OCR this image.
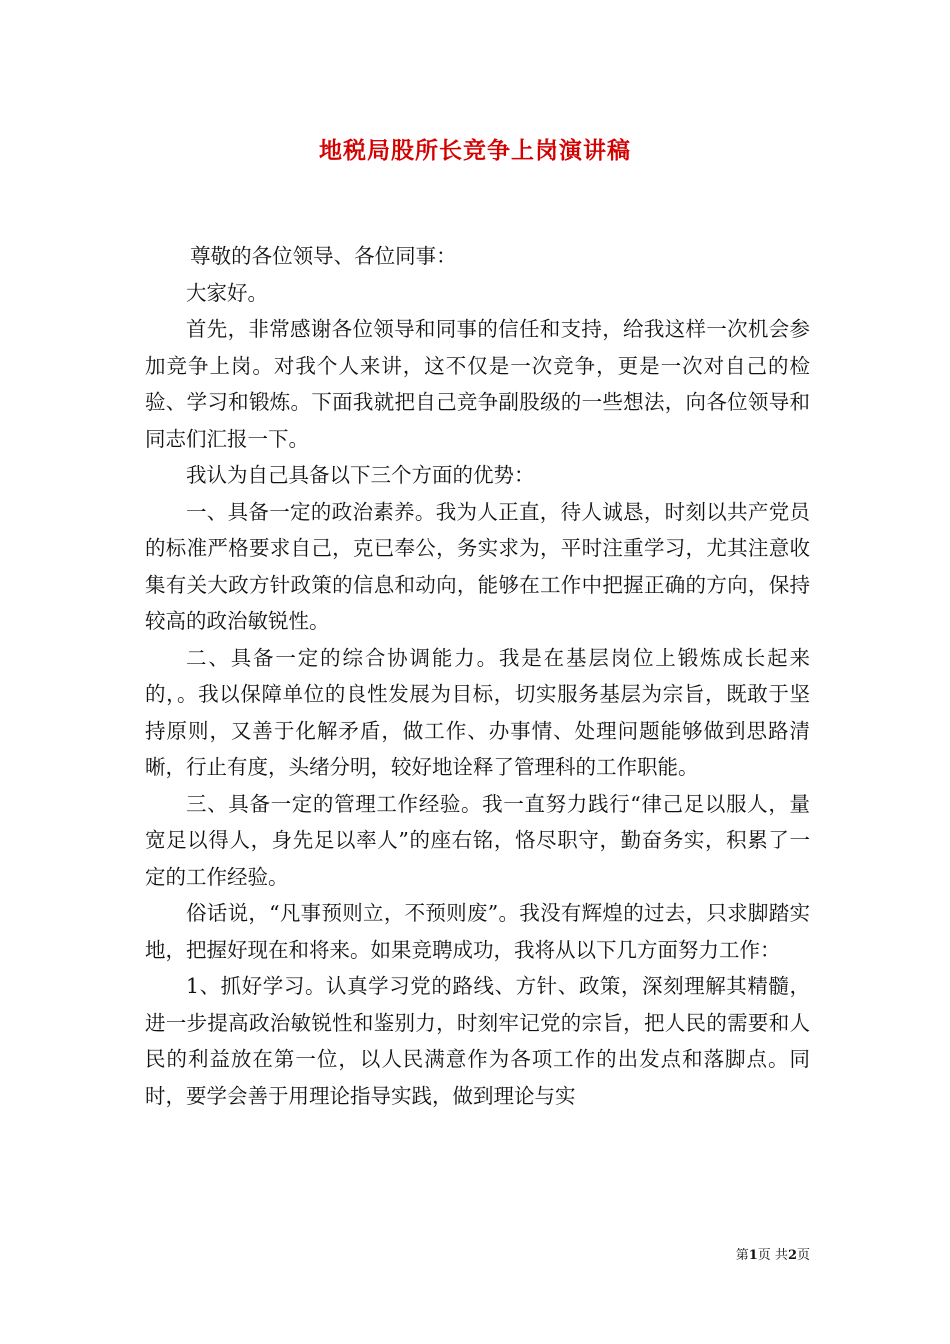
地税局股所长竞争上岗演讲稿

尊敬的各位领导、各位同事：

大家好。

首先，非常感谢各位领导和同事的信任和支持，给我这样一次机会参加竞争上岗。对我个人来讲，这不仅是一次竞争，更是一次对自己的检验、学习和锻炼。下面我就把自己竞争副股级的一些想法，向各位领导和同志们汇报一下。

我认为自己具备以下三个方面的优势：

一、具备一定的政治素养。我为人正直，待人诚恳，时刻以共产党员的标准严格要求自己，克已奉公，务实求为，平时注重学习，尤其注意收集有关大政方针政策的信息和动向，能够在工作中把握正确的方向，保持较高的政治敏锐性。

二、具备一定的综合协调能力。我是在基层岗位上锻炼成长起来的，。我以保障单位的良性发展为目标，切实服务基层为宗旨，既敢于坚持原则，又善于化解矛盾，做工作、办事情、处理问题能够做到思路清晰，行止有度，头绪分明，较好地诠释了管理科的工作职能。

三、具备一定的管理工作经验。我一直努力践行“律己足以服人，量宽足以得人，身先足以率人”的座右铭，恪尽职守，勤奋务实，积累了一定的工作经验。

俗话说，“凡事预则立，不预则废”。我没有辉煌的过去，只求脚踏实地，把握好现在和将来。如果竞聘成功，我将从以下几方面努力工作：

1、抓好学习。认真学习党的路线、方针、政策，深刻理解其精髓，进一步提高政治敏锐性和鉴别力，时刻牢记党的宗旨，把人民的需要和人民的利益放在第一位，以人民满意作为各项工作的出发点和落脚点。同时，要学会善于用理论指导实践，做到理论与实

第1页 共2页
